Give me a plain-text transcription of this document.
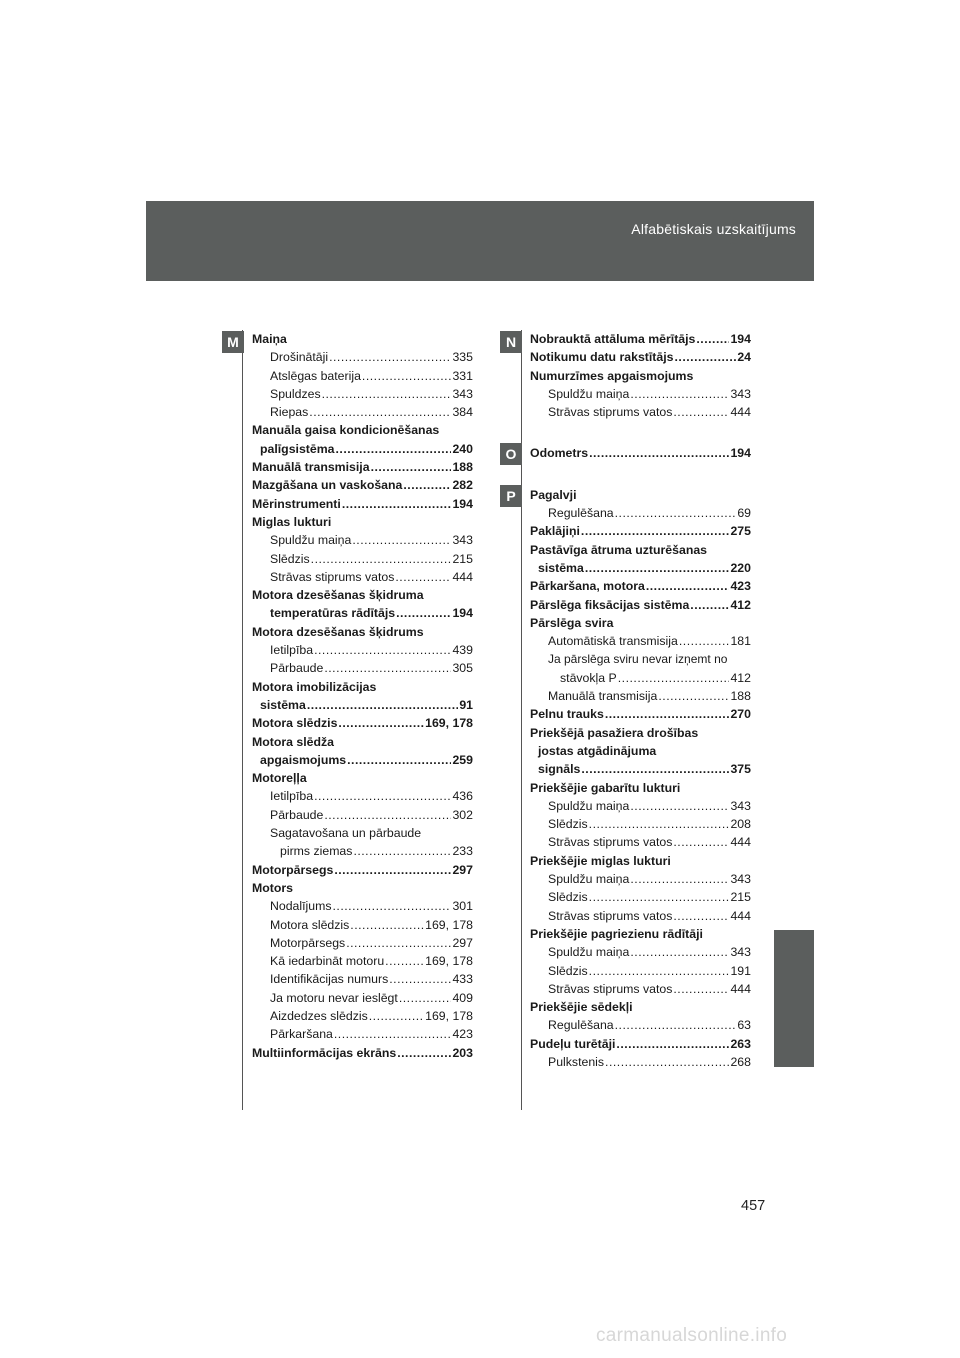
Alfabētiskais uzskaitījums
M	N
O
P
Maiņa
Drošinātāji .....	335
Atslēgas baterija .....	331
Spuldzes .....	343
Riepas .....	384
Manuāla gaisa kondicionēšanas
palīgsistēma .....	240
Manuālā transmisija .....	188
Mazgāšana un vaskošana .....	282
Mērinstrumenti .....	194
Miglas lukturi
Spuldžu maiņa .....	343
Slēdzis .....	215
Strāvas stiprums vatos .....	444
Motora dzesēšanas šķidruma
temperatūras rādītājs .....	194
Motora dzesēšanas šķidrums
Ietilpība .....	439
Pārbaude .....	305
Motora imobilizācijas
sistēma .....	91
Motora slēdzis .....	169, 178
Motora slēdža
apgaismojums .....	259
Motoreļļa
Ietilpība .....	436
Pārbaude .....	302
Sagatavošana un pārbaude
pirms ziemas .....	233
Motorpārsegs .....	297
Motors
Nodalījums .....	301
Motora slēdzis .....	169, 178
Motorpārsegs .....	297
Kā iedarbināt motoru .....	169, 178
Identifikācijas numurs .....	433
Ja motoru nevar ieslēgt .....	409
Aizdedzes slēdzis .....	169, 178
Pārkaršana .....	423
Multiinformācijas ekrāns .....	203
Nobrauktā attāluma mērītājs .....	194
Notikumu datu rakstītājs .....	24
Numurzīmes apgaismojums
Spuldžu maiņa .....	343
Strāvas stiprums vatos .....	444
Odometrs .....	194
Pagalvji
Regulēšana .....	69
Paklājiņi .....	275
Pastāvīga ātruma uzturēšanas
sistēma .....	220
Pārkaršana, motora .....	423
Pārslēga fiksācijas sistēma .....	412
Pārslēga svira
Automātiskā transmisija .....	181
Ja pārslēga sviru nevar izņemt no
stāvokļa P .....	412
Manuālā transmisija .....	188
Pelnu trauks .....	270
Priekšējā pasažiera drošības
jostas atgādinājuma
signāls .....	375
Priekšējie gabarītu lukturi
Spuldžu maiņa .....	343
Slēdzis .....	208
Strāvas stiprums vatos .....	444
Priekšējie miglas lukturi
Spuldžu maiņa .....	343
Slēdzis .....	215
Strāvas stiprums vatos .....	444
Priekšējie pagriezienu rādītāji
Spuldžu maiņa .....	343
Slēdzis .....	191
Strāvas stiprums vatos .....	444
Priekšējie sēdekļi
Regulēšana .....	63
Pudeļu turētāji .....	263
Pulkstenis .....	268
457
carmanualsonline.info
